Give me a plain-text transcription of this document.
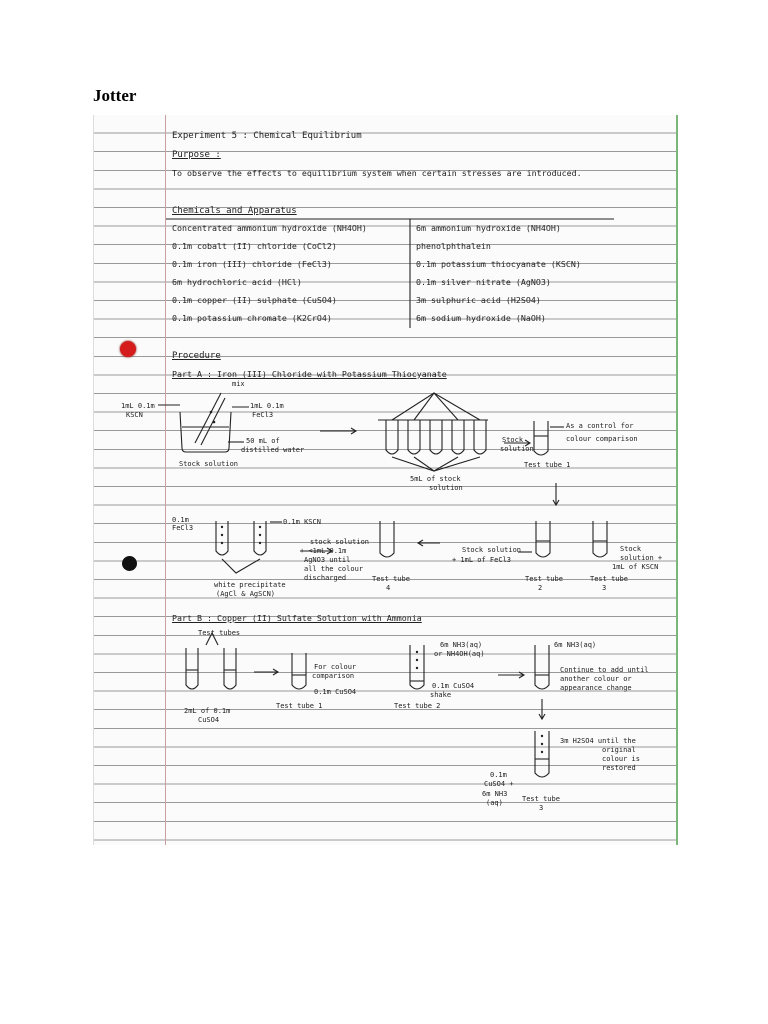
Jotter
Experiment 5 : Chemical Equilibrium
Purpose :
To observe the effects to equilibrium system when certain stresses are introduced.
Chemicals and Apparatus
Concentrated ammonium hydroxide (NH4OH)
0.1m cobalt (II) chloride (CoCl2)
0.1m iron (III) chloride (FeCl3)
6m hydrochloric acid (HCl)
0.1m copper (II) sulphate (CuSO4)
0.1m potassium chromate (K2CrO4)
6m ammonium hydroxide (NH4OH)
phenolphthalein
0.1m potassium thiocyanate (KSCN)
0.1m silver nitrate (AgNO3)
3m sulphuric acid (H2SO4)
6m sodium hydroxide (NaOH)
Procedure
Part A : Iron (III) Chloride with Potassium Thiocyanate
mix
1mL 0.1m
KSCN
1mL 0.1m
FeCl3
50 mL of
distilled water
Stock solution
5mL of stock
solution
Stock
solution
As a control for
colour comparison
Test tube 1
0.1m
FeCl3
0.1m KSCN
stock solution
+ <1mL 0.1m
AgNO3 until
all the colour
discharged
white precipitate
(AgCl & AgSCN)
Test tube
4
Stock solution
+ 1mL of FeCl3
Test tube
2
Stock
solution +
1mL of KSCN
Test tube
3
Part B : Copper (II) Sulfate Solution with Ammonia
Test tubes
2mL of 0.1m
CuSO4
For colour
comparison
0.1m CuSO4
Test tube 1
6m NH3(aq)
or NH4OH(aq)
0.1m CuSO4
shake
Test tube 2
6m NH3(aq)
Continue to add until
another colour or
appearance change
3m H2SO4 until the
original
colour is
restored
0.1m
CuSO4 +
6m NH3
(aq)	Test tube
3
